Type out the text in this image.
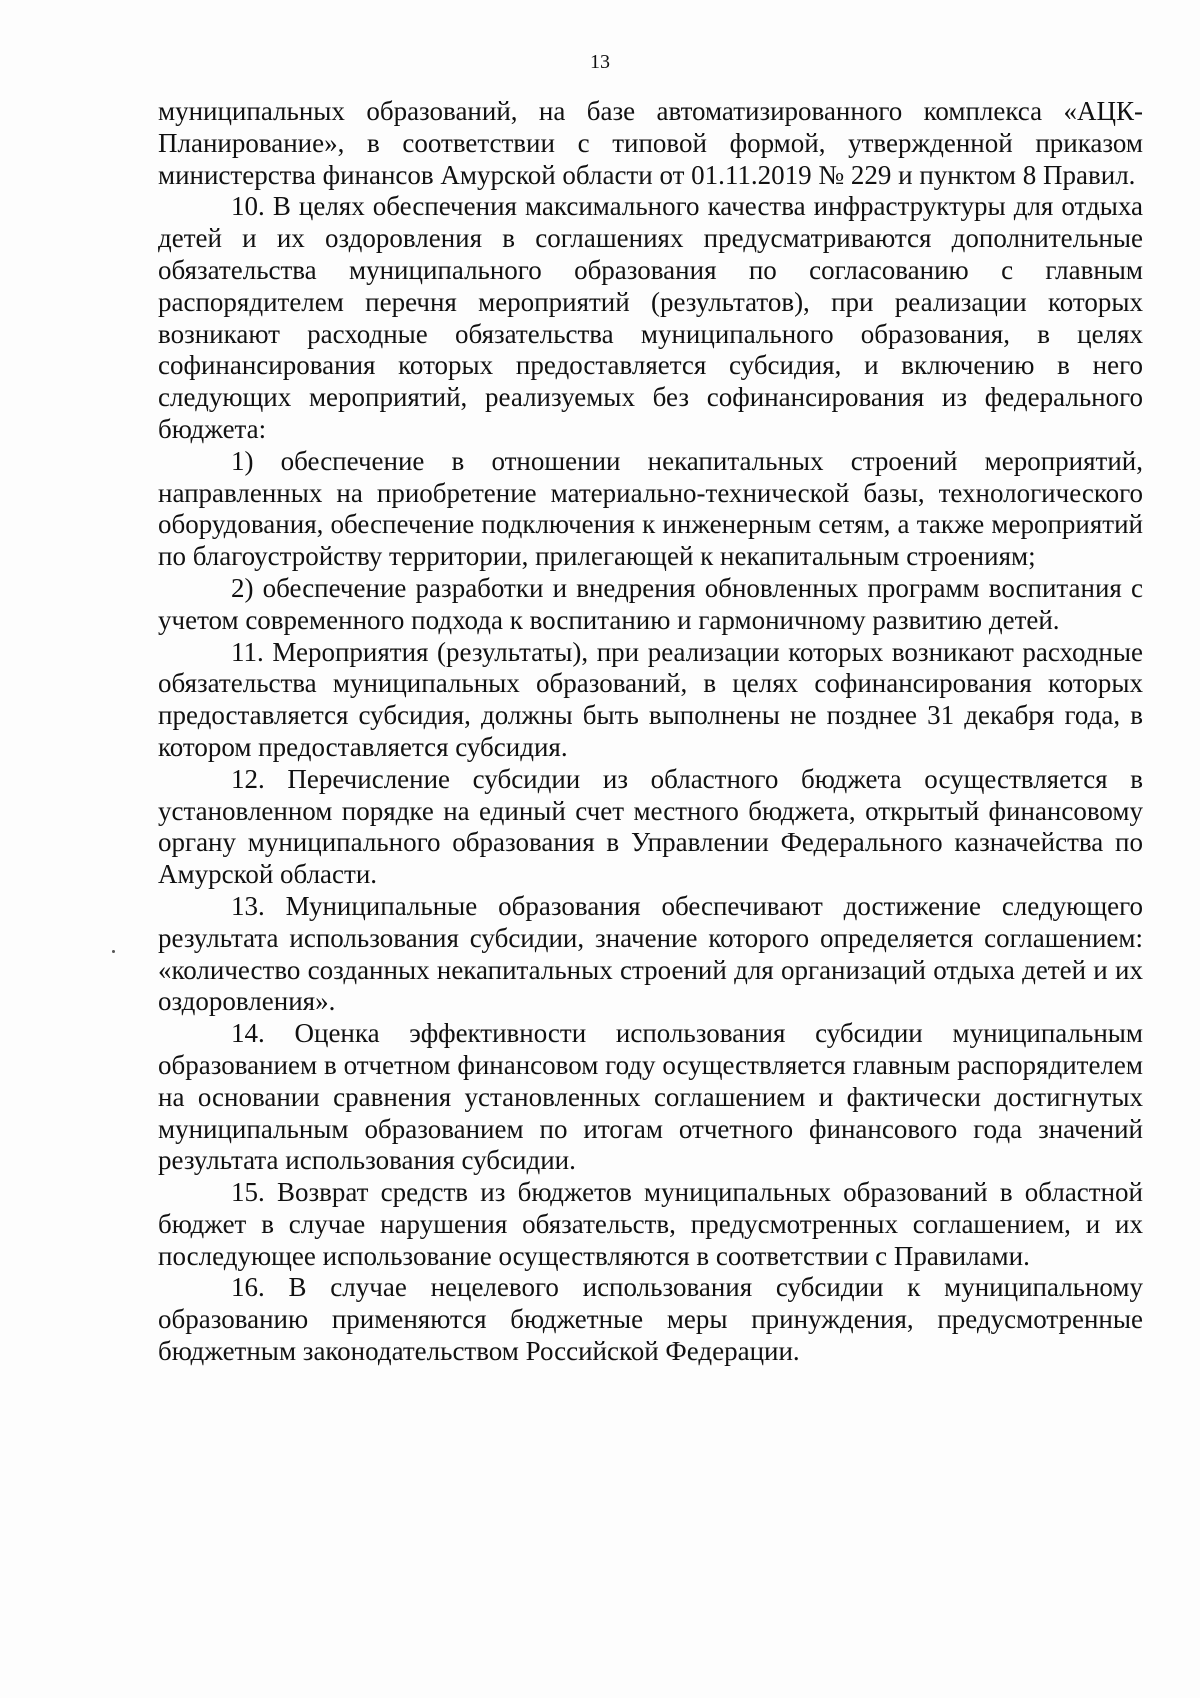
13

муниципальных образований, на базе автоматизированного комплекса «АЦК-Планирование», в соответствии с типовой формой, утвержденной приказом министерства финансов Амурской области от 01.11.2019 № 229 и пунктом 8 Правил.

10. В целях обеспечения максимального качества инфраструктуры для отдыха детей и их оздоровления в соглашениях предусматриваются дополнительные обязательства муниципального образования по согласованию с главным распорядителем перечня мероприятий (результатов), при реализации которых возникают расходные обязательства муниципального образования, в целях софинансирования которых предоставляется субсидия, и включению в него следующих мероприятий, реализуемых без софинансирования из федерального бюджета:

1) обеспечение в отношении некапитальных строений мероприятий, направленных на приобретение материально-технической базы, технологического оборудования, обеспечение подключения к инженерным сетям, а также мероприятий по благоустройству территории, прилегающей к некапитальным строениям;

2) обеспечение разработки и внедрения обновленных программ воспитания с учетом современного подхода к воспитанию и гармоничному развитию детей.

11. Мероприятия (результаты), при реализации которых возникают расходные обязательства муниципальных образований, в целях софинансирования которых предоставляется субсидия, должны быть выполнены не позднее 31 декабря года, в котором предоставляется субсидия.

12. Перечисление субсидии из областного бюджета осуществляется в установленном порядке на единый счет местного бюджета, открытый финансовому органу муниципального образования в Управлении Федерального казначейства по Амурской области.

13. Муниципальные образования обеспечивают достижение следующего результата использования субсидии, значение которого определяется соглашением: «количество созданных некапитальных строений для организаций отдыха детей и их оздоровления».

14. Оценка эффективности использования субсидии муниципальным образованием в отчетном финансовом году осуществляется главным распорядителем на основании сравнения установленных соглашением и фактически достигнутых муниципальным образованием по итогам отчетного финансового года значений результата использования субсидии.

15. Возврат средств из бюджетов муниципальных образований в областной бюджет в случае нарушения обязательств, предусмотренных соглашением, и их последующее использование осуществляются в соответствии с Правилами.

16. В случае нецелевого использования субсидии к муниципальному образованию применяются бюджетные меры принуждения, предусмотренные бюджетным законодательством Российской Федерации.
